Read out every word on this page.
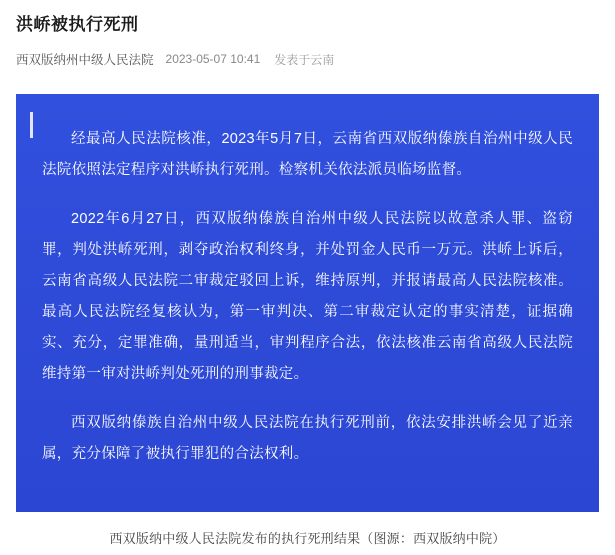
洪峤被执行死刑
西双版纳州中级人民法院 2023-05-07 10:41 发表于云南

经最高人民法院核准，2023年5月7日，云南省西双版纳傣族自治州中级人民法院依照法定程序对洪峤执行死刑。检察机关依法派员临场监督。

2022年6月27日，西双版纳傣族自治州中级人民法院以故意杀人罪、盗窃罪，判处洪峤死刑，剥夺政治权利终身，并处罚金人民币一万元。洪峤上诉后，云南省高级人民法院二审裁定驳回上诉，维持原判，并报请最高人民法院核准。最高人民法院经复核认为，第一审判决、第二审裁定认定的事实清楚，证据确实、充分，定罪准确，量刑适当，审判程序合法，依法核准云南省高级人民法院维持第一审对洪峤判处死刑的刑事裁定。

西双版纳傣族自治州中级人民法院在执行死刑前，依法安排洪峤会见了近亲属，充分保障了被执行罪犯的合法权利。

西双版纳中级人民法院发布的执行死刑结果（图源：西双版纳中院）
